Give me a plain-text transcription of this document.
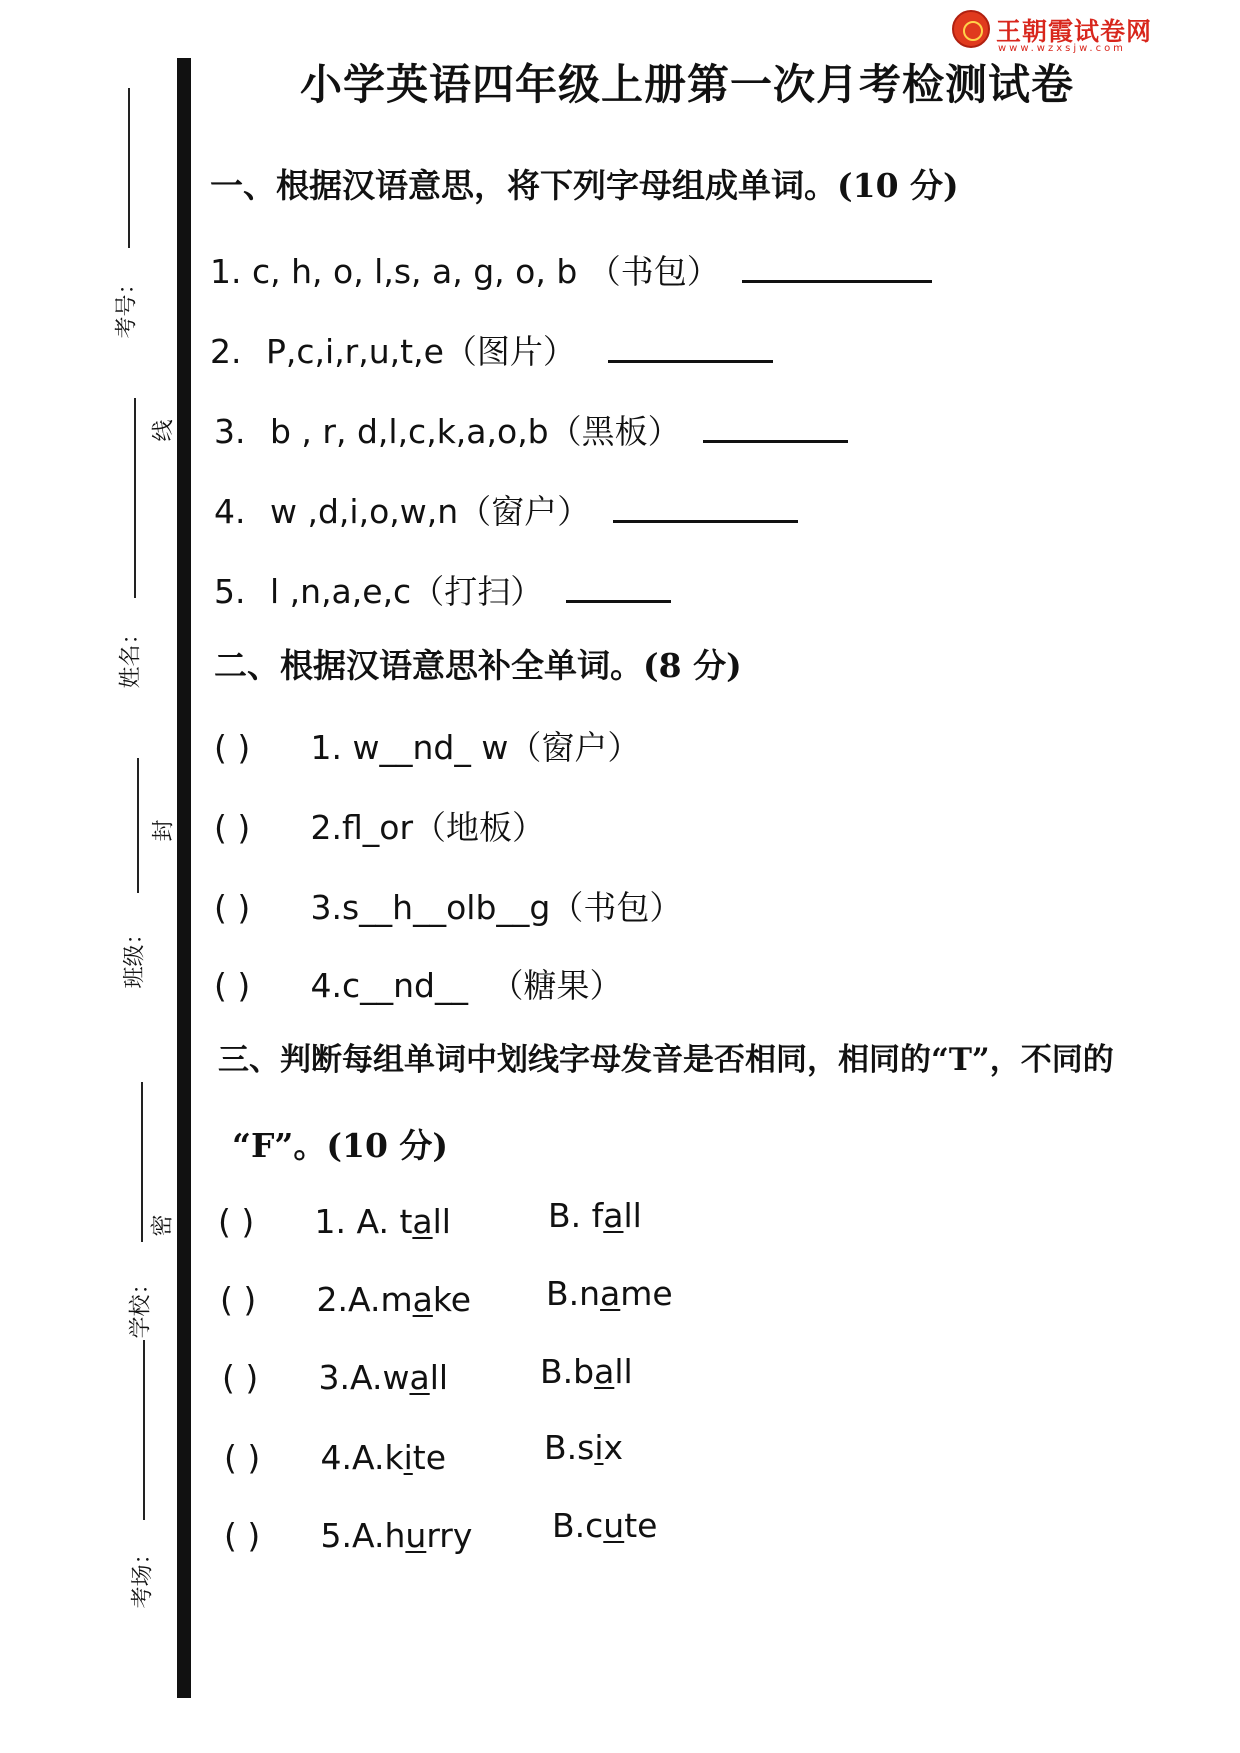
王朝霞试卷网
www.wzxsjw.com
考号：
线
姓名：
封
班级：
密
学校：
考场：
小学英语四年级上册第一次月考检测试卷
一、根据汉语意思，将下列字母组成单词。(10 分)
1. c, h, o, l,s, a, g, o, b （书包）
2. P,c,i,r,u,t,e（图片）
3. b , r, d,l,c,k,a,o,b（黑板）
4. w ,d,i,o,w,n（窗户）
5. l ,n,a,e,c（打扫）
二、根据汉语意思补全单词。(8 分)
( ) 1. w__nd_ w（窗户）
( ) 2.fl_or（地板）
( ) 3.s__h__olb__g（书包）
( ) 4.c__nd__ （糖果）
三、判断每组单词中划线字母发音是否相同，相同的“T”，不同的
“F”。(10 分)
( ) 1. A. tall	B. fall
( ) 2.A.make B.name
( ) 3.A.wall	B.ball
( ) 4.A.kite	B.six
( ) 5.A.hurry B.cute
